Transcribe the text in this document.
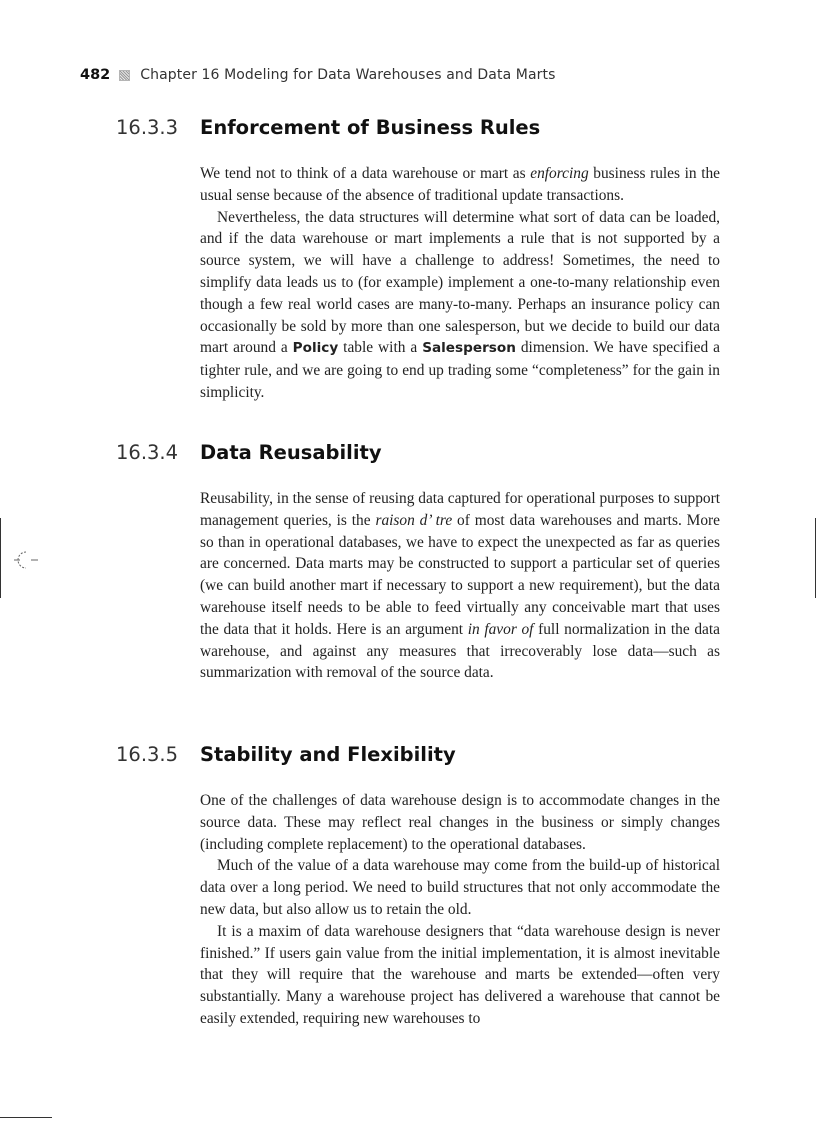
482 Chapter 16 Modeling for Data Warehouses and Data Marts
16.3.3	Enforcement of Business Rules

We tend not to think of a data warehouse or mart as enforcing business rules in the usual sense because of the absence of traditional update transactions.

Nevertheless, the data structures will determine what sort of data can be loaded, and if the data warehouse or mart implements a rule that is not supported by a source system, we will have a challenge to address! Sometimes, the need to simplify data leads us to (for example) implement a one-to-many relationship even though a few real world cases are many-to-many. Perhaps an insurance policy can occasionally be sold by more than one salesperson, but we decide to build our data mart around a Policy table with a Salesperson dimension. We have specified a tighter rule, and we are going to end up trading some “completeness” for the gain in simplicity.

16.3.4	Data Reusability

Reusability, in the sense of reusing data captured for operational purposes to support management queries, is the raison d’ tre of most data warehouses and marts. More so than in operational databases, we have to expect the unexpected as far as queries are concerned. Data marts may be constructed to support a particular set of queries (we can build another mart if necessary to support a new requirement), but the data warehouse itself needs to be able to feed virtually any conceivable mart that uses the data that it holds. Here is an argument in favor of full normalization in the data warehouse, and against any measures that irrecoverably lose data—such as summarization with removal of the source data.

16.3.5	Stability and Flexibility

One of the challenges of data warehouse design is to accommodate changes in the source data. These may reflect real changes in the business or simply changes (including complete replacement) to the operational databases.

Much of the value of a data warehouse may come from the build-up of historical data over a long period. We need to build structures that not only accommodate the new data, but also allow us to retain the old.

It is a maxim of data warehouse designers that “data warehouse design is never finished.” If users gain value from the initial implementation, it is almost inevitable that they will require that the warehouse and marts be extended—often very substantially. Many a warehouse project has delivered a warehouse that cannot be easily extended, requiring new warehouses to
